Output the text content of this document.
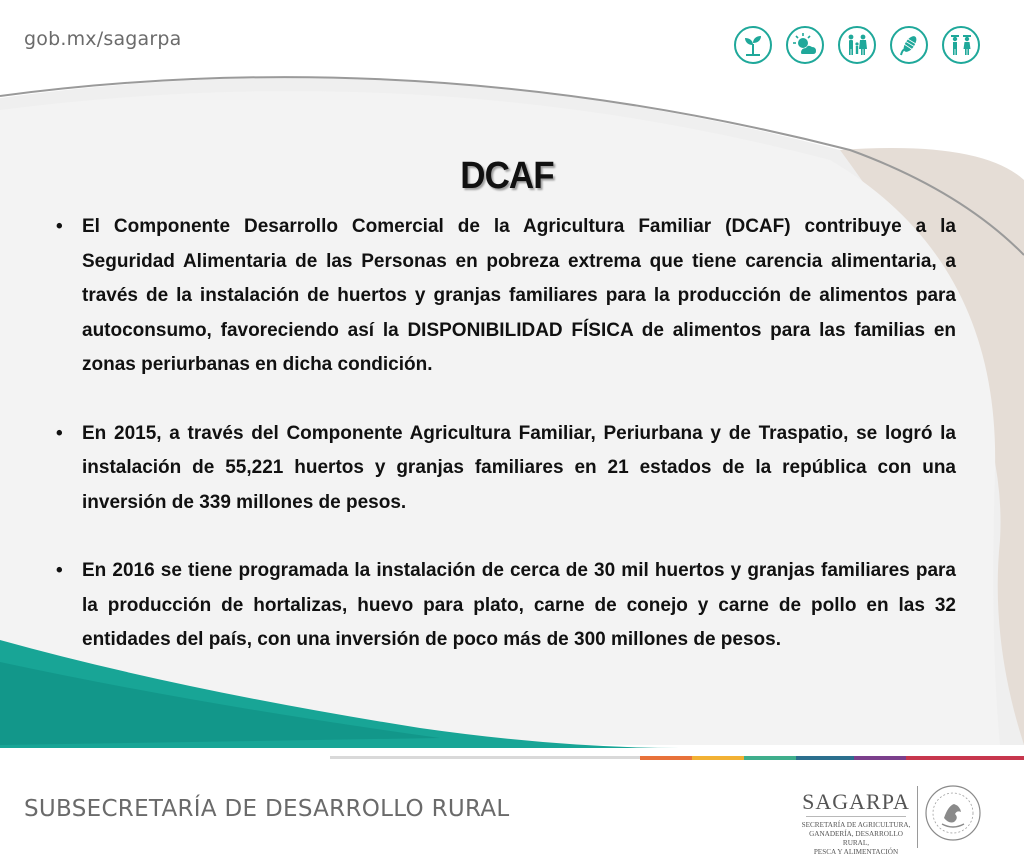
gob.mx/sagarpa
DCAF
• El Componente Desarrollo Comercial de la Agricultura Familiar (DCAF) contribuye a la Seguridad Alimentaria de las Personas en pobreza extrema que tiene carencia alimentaria, a través de la instalación de huertos y granjas familiares para la producción de alimentos para autoconsumo, favoreciendo así la DISPONIBILIDAD FÍSICA de alimentos para las familias en zonas periurbanas en dicha condición.
• En 2015, a través del Componente Agricultura Familiar, Periurbana y de Traspatio, se logró la instalación de 55,221 huertos y granjas familiares en 21 estados de la república con una inversión de 339 millones de pesos.
• En 2016 se tiene programada la instalación de cerca de 30 mil huertos y granjas familiares para la producción de hortalizas, huevo para plato, carne de conejo y carne de pollo en las 32 entidades del país, con una inversión de poco más de 300 millones de pesos.
SUBSECRETARÍA DE DESARROLLO RURAL	SAGARPA
SECRETARÍA DE AGRICULTURA,
GANADERÍA, DESARROLLO RURAL,
PESCA Y ALIMENTACIÓN
